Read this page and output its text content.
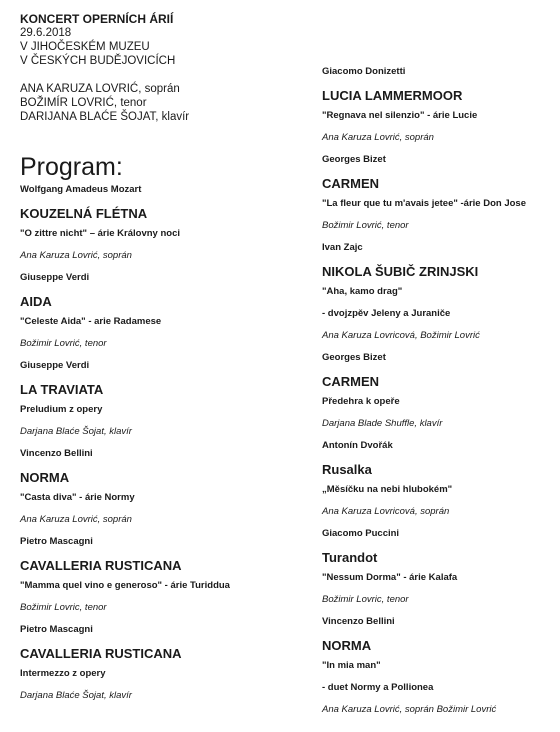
KONCERT OPERNÍCH ÁRIÍ
29.6.2018
V JIHOČESKÉM MUZEU
V ČESKÝCH BUDĚJOVICÍCH
ANA KARUZA LOVRIĆ, soprán
BOŽIMÍR LOVRIĆ, tenor
DARIJANA BLAĆE ŠOJAT, klavír
Program:
Wolfgang Amadeus Mozart
KOUZELNÁ FLÉTNA
"O zittre nicht" – árie Královny noci
Ana Karuza Lovrić, soprán
Giuseppe Verdi
AIDA
"Celeste Aida" - arie Radamese
Božimir Lovrić, tenor
Giuseppe Verdi
LA TRAVIATA
Preludium z opery
Darjana Blaće Šojat, klavír
Vincenzo Bellini
NORMA
"Casta diva" - árie Normy
Ana Karuza Lovrić, soprán
Pietro Mascagni
CAVALLERIA RUSTICANA
"Mamma quel vino e generoso" - árie Turiddua
Božimir Lovric, tenor
Pietro Mascagni
CAVALLERIA RUSTICANA
Intermezzo z opery
Darjana Blaće Šojat, klavír
Giacomo Donizetti
LUCIA LAMMERMOOR
"Regnava nel silenzio" - árie Lucie
Ana Karuza Lovrić, soprán
Georges Bizet
CARMEN
"La fleur que tu m'avais jetee" -árie Don Jose
Božimir Lovrić, tenor
Ivan Zajc
NIKOLA ŠUBIČ ZRINJSKI
"Aha, kamo drag"
- dvojzpěv Jeleny a Juraniče
Ana Karuza Lovricová, Božimir Lovrić
Georges Bizet
CARMEN
Předehra k opeře
Darjana Blade Shuffle, klavír
Antonín Dvořák
Rusalka
„Měsíčku na nebi hlubokém"
Ana Karuza Lovricová, soprán
Giacomo Puccini
Turandot
"Nessum Dorma" - árie Kalafa
Božimir Lovric, tenor
Vincenzo Bellini
NORMA
"In mia man"
- duet Normy a Pollionea
Ana Karuza Lovrić, soprán Božimir Lovrić
